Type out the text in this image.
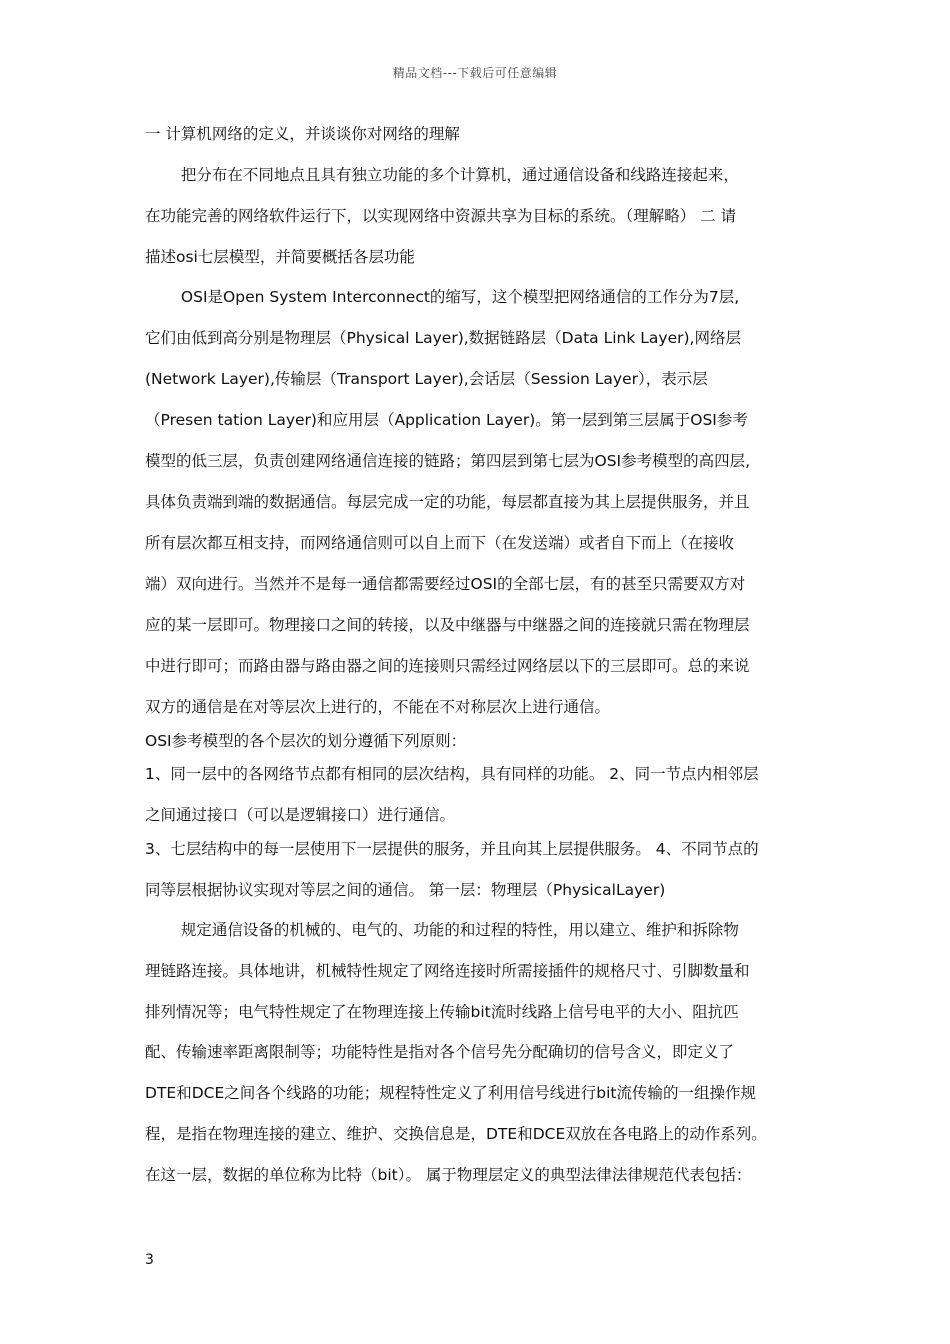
精品文档---下载后可任意编辑

一 计算机网络的定义，并谈谈你对网络的理解

　　 把分布在不同地点且具有独立功能的多个计算机，通过通信设备和线路连接起来，

在功能完善的网络软件运行下，以实现网络中资源共享为目标的系统。（理解略） 二 请

描述osi七层模型，并简要概括各层功能

　　 OSI是Open System Interconnect的缩写，这个模型把网络通信的工作分为7层,

它们由低到高分别是物理层（Physical Layer),数据链路层（Data Link Layer),网络层

(Network Layer),传输层（Transport Layer),会话层（Session Layer），表示层

（Presen tation Layer)和应用层（Application Layer)。第一层到第三层属于OSI参考

模型的低三层，负责创建网络通信连接的链路；第四层到第七层为OSI参考模型的高四层,

具体负责端到端的数据通信。每层完成一定的功能，每层都直接为其上层提供服务，并且

所有层次都互相支持，而网络通信则可以自上而下（在发送端）或者自下而上（在接收

端）双向进行。当然并不是每一通信都需要经过OSI的全部七层，有的甚至只需要双方对

应的某一层即可。物理接口之间的转接，以及中继器与中继器之间的连接就只需在物理层

中进行即可；而路由器与路由器之间的连接则只需经过网络层以下的三层即可。总的来说

双方的通信是在对等层次上进行的，不能在不对称层次上进行通信。

OSI参考模型的各个层次的划分遵循下列原则：

1、同一层中的各网络节点都有相同的层次结构，具有同样的功能。 2、同一节点内相邻层

之间通过接口（可以是逻辑接口）进行通信。

3、七层结构中的每一层使用下一层提供的服务，并且向其上层提供服务。 4、不同节点的

同等层根据协议实现对等层之间的通信。 第一层：物理层（PhysicalLayer)

　　 规定通信设备的机械的、电气的、功能的和过程的特性，用以建立、维护和拆除物

理链路连接。具体地讲，机械特性规定了网络连接时所需接插件的规格尺寸、引脚数量和

排列情况等；电气特性规定了在物理连接上传输bit流时线路上信号电平的大小、阻抗匹

配、传输速率距离限制等；功能特性是指对各个信号先分配确切的信号含义，即定义了

DTE和DCE之间各个线路的功能；规程特性定义了利用信号线进行bit流传输的一组操作规

程，是指在物理连接的建立、维护、交换信息是，DTE和DCE双放在各电路上的动作系列。

在这一层，数据的单位称为比特（bit）。 属于物理层定义的典型法律法律规范代表包括：

3
